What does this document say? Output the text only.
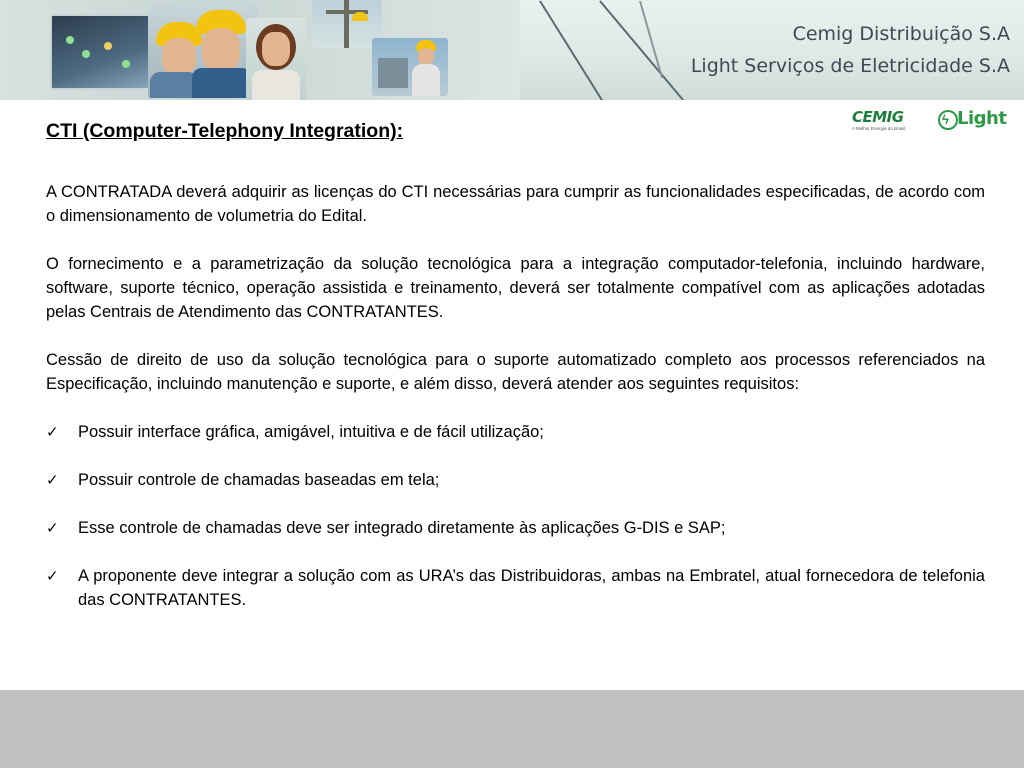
Cemig Distribuição S.A
Light Serviços de Eletricidade S.A
CEMIG
A Melhor Energia do Brasil.
ϟ Light
CTI (Computer-Telephony Integration):

A CONTRATADA deverá adquirir as licenças do CTI necessárias para cumprir as funcionalidades especificadas, de acordo com o dimensionamento de volumetria do Edital.

O fornecimento e a parametrização da solução tecnológica para a integração computador-telefonia, incluindo hardware, software, suporte técnico, operação assistida e treinamento, deverá ser totalmente compatível com as aplicações adotadas pelas Centrais de Atendimento das CONTRATANTES.

Cessão de direito de uso da solução tecnológica para o suporte automatizado completo aos processos referenciados na Especificação, incluindo manutenção e suporte, e além disso, deverá atender aos seguintes requisitos:

✓	Possuir interface gráfica, amigável, intuitiva e de fácil utilização;
✓	Possuir controle de chamadas baseadas em tela;
✓	Esse controle de chamadas deve ser integrado diretamente às aplicações G-DIS e SAP;
✓	A proponente deve integrar a solução com as URA’s das Distribuidoras, ambas na Embratel, atual fornecedora de telefonia das CONTRATANTES.
